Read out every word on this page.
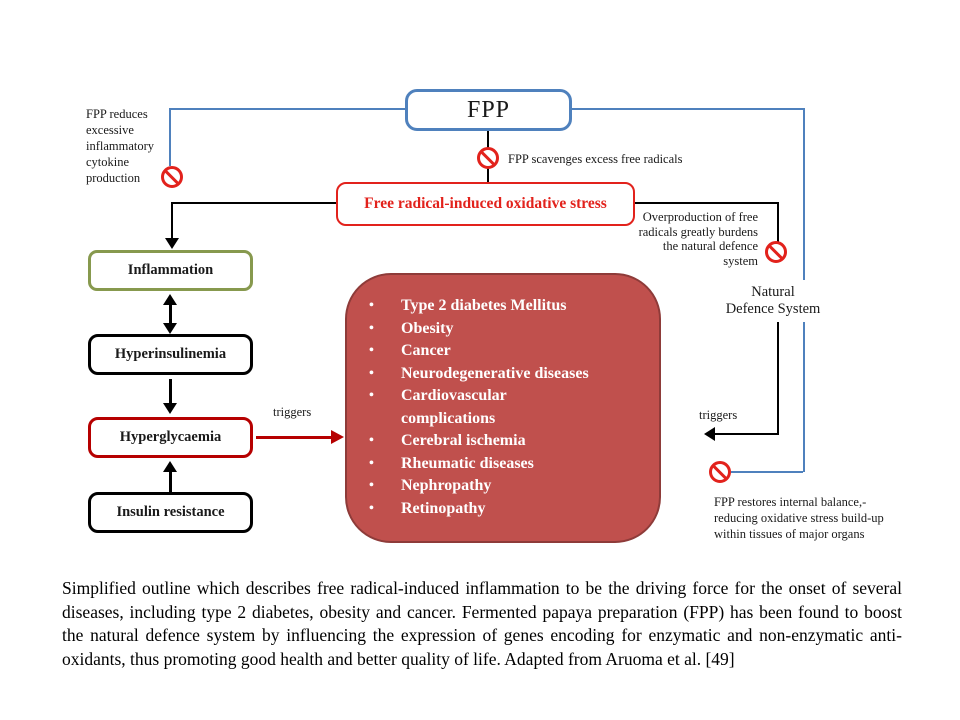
FPP
FPP reduces excessive inflammatory cytokine production
FPP scavenges excess free radicals
Free radical-induced oxidative stress
Overproduction of free radicals greatly burdens the natural defence system
Natural
Defence System
triggers
FPP restores internal balance,- reducing oxidative stress build-up within tissues of major organs
Inflammation
Hyperinsulinemia
Hyperglycaemia
Insulin resistance
triggers
•	Type 2 diabetes Mellitus
•	Obesity
•	Cancer
•	Neurodegenerative diseases
•	Cardiovascular complications
•	Cerebral ischemia
•	Rheumatic diseases
•	Nephropathy
•	Retinopathy
Simplified outline which describes free radical-induced inflammation to be the driving force for the onset of several diseases, including type 2 diabetes, obesity and cancer. Fermented papaya preparation (FPP) has been found to boost the natural defence system by influencing the expression of genes encoding for enzymatic and non-enzymatic anti-oxidants, thus promoting good health and better quality of life. Adapted from Aruoma et al. [49]
